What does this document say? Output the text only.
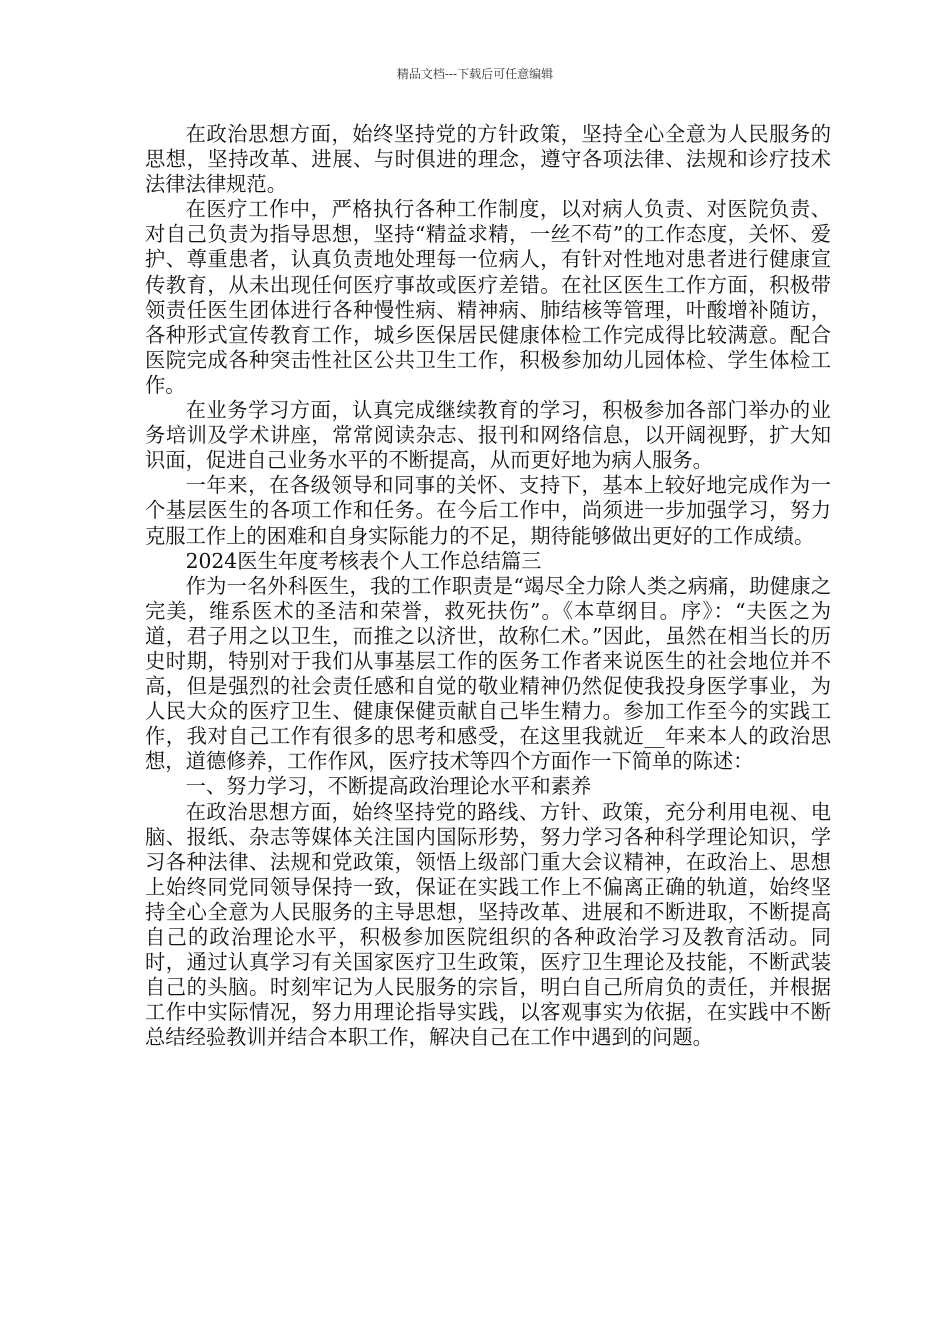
精品文档---下载后可任意编辑

在政治思想方面，始终坚持党的方针政策，坚持全心全意为人民服务的思想，坚持改革、进展、与时俱进的理念，遵守各项法律、法规和诊疗技术法律法律规范。

在医疗工作中，严格执行各种工作制度，以对病人负责、对医院负责、对自己负责为指导思想，坚持“精益求精，一丝不苟”的工作态度，关怀、爱护、尊重患者，认真负责地处理每一位病人，有针对性地对患者进行健康宣传教育，从未出现任何医疗事故或医疗差错。在社区医生工作方面，积极带领责任医生团体进行各种慢性病、精神病、肺结核等管理，叶酸增补随访，各种形式宣传教育工作，城乡医保居民健康体检工作完成得比较满意。配合医院完成各种突击性社区公共卫生工作，积极参加幼儿园体检、学生体检工作。

在业务学习方面，认真完成继续教育的学习，积极参加各部门举办的业务培训及学术讲座，常常阅读杂志、报刊和网络信息，以开阔视野，扩大知识面，促进自己业务水平的不断提高，从而更好地为病人服务。

一年来，在各级领导和同事的关怀、支持下，基本上较好地完成作为一个基层医生的各项工作和任务。在今后工作中，尚须进一步加强学习，努力克服工作上的困难和自身实际能力的不足，期待能够做出更好的工作成绩。

2024医生年度考核表个人工作总结篇三

作为一名外科医生，我的工作职责是“竭尽全力除人类之病痛，助健康之完美，维系医术的圣洁和荣誉，救死扶伤”。《本草纲目。序》：“夫医之为道，君子用之以卫生，而推之以济世，故称仁术。”因此，虽然在相当长的历史时期，特别对于我们从事基层工作的医务工作者来说医生的社会地位并不高，但是强烈的社会责任感和自觉的敬业精神仍然促使我投身医学事业，为人民大众的医疗卫生、健康保健贡献自己毕生精力。参加工作至今的实践工作，我对自己工作有很多的思考和感受，在这里我就近__年来本人的政治思想，道德修养，工作作风，医疗技术等四个方面作一下简单的陈述：

一、努力学习，不断提高政治理论水平和素养

在政治思想方面，始终坚持党的路线、方针、政策，充分利用电视、电脑、报纸、杂志等媒体关注国内国际形势，努力学习各种科学理论知识，学习各种法律、法规和党政策，领悟上级部门重大会议精神，在政治上、思想上始终同党同领导保持一致，保证在实践工作上不偏离正确的轨道，始终坚持全心全意为人民服务的主导思想，坚持改革、进展和不断进取，不断提高自己的政治理论水平，积极参加医院组织的各种政治学习及教育活动。同时，通过认真学习有关国家医疗卫生政策，医疗卫生理论及技能，不断武装自己的头脑。时刻牢记为人民服务的宗旨，明白自己所肩负的责任，并根据工作中实际情况，努力用理论指导实践，以客观事实为依据，在实践中不断总结经验教训并结合本职工作，解决自己在工作中遇到的问题。
